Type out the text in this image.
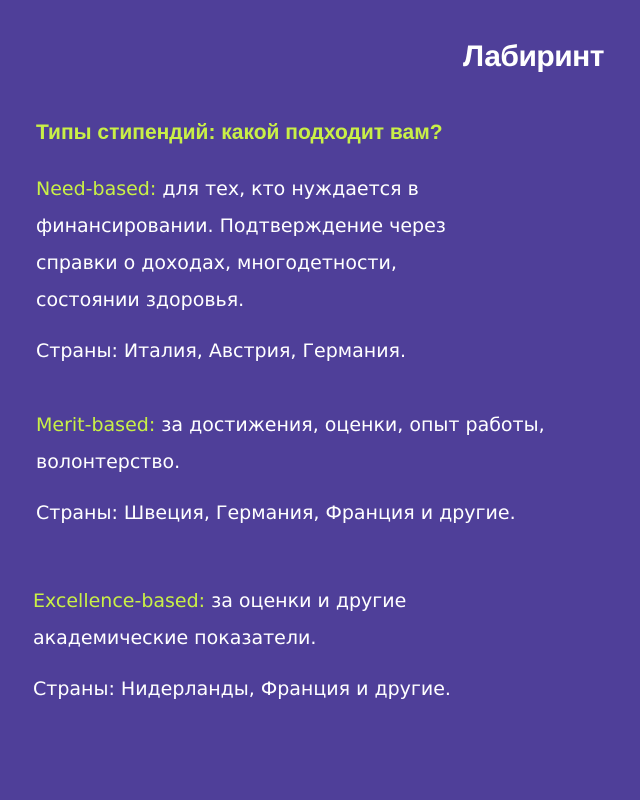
Лабиринт
Типы стипендий: какой подходит вам?

Need-based: для тех, кто нуждается в финансировании. Подтверждение через справки о доходах, многодетности, состоянии здоровья.

Страны: Италия, Австрия, Германия.

Merit-based: за достижения, оценки, опыт работы, волонтерство.

Страны: Швеция, Германия, Франция и другие.

Excellence-based: за оценки и другие академические показатели.

Страны: Нидерланды, Франция и другие.
